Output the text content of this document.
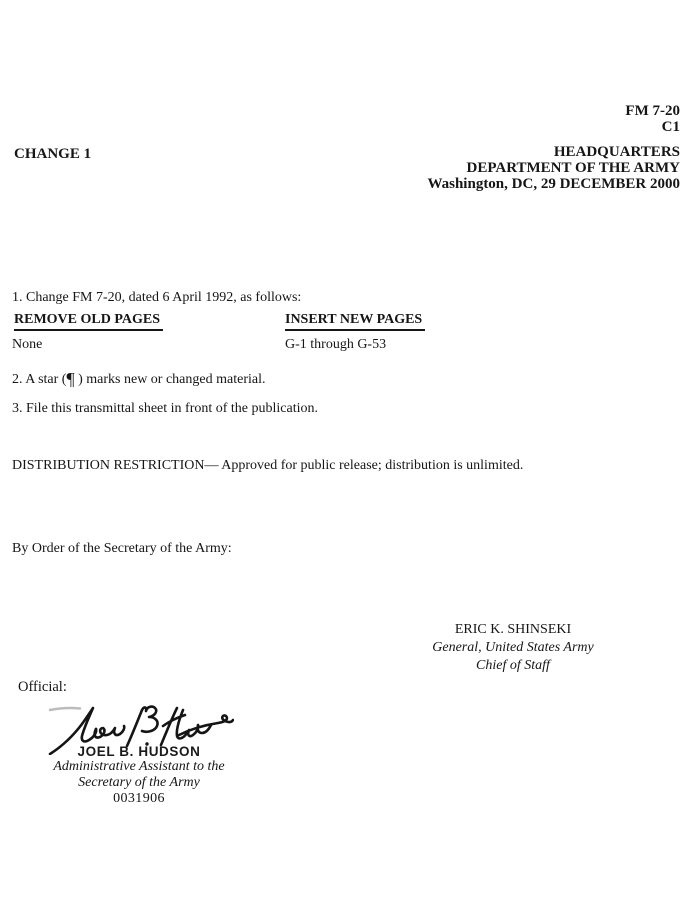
FM 7-20
C1
CHANGE 1	HEADQUARTERS
DEPARTMENT OF THE ARMY
Washington, DC, 29 DECEMBER 2000

1. Change FM 7-20, dated 6 April 1992, as follows:

REMOVE OLD PAGES	INSERT NEW PAGES
None	G-1 through G-53

2. A star (¶ ) marks new or changed material.

3. File this transmittal sheet in front of the publication.

DISTRIBUTION RESTRICTION— Approved for public release; distribution is unlimited.

By Order of the Secretary of the Army:

ERIC K. SHINSEKI
General, United States Army
Chief of Staff
Official:
JOEL B. HUDSON
Administrative Assistant to the
Secretary of the Army
0031906
